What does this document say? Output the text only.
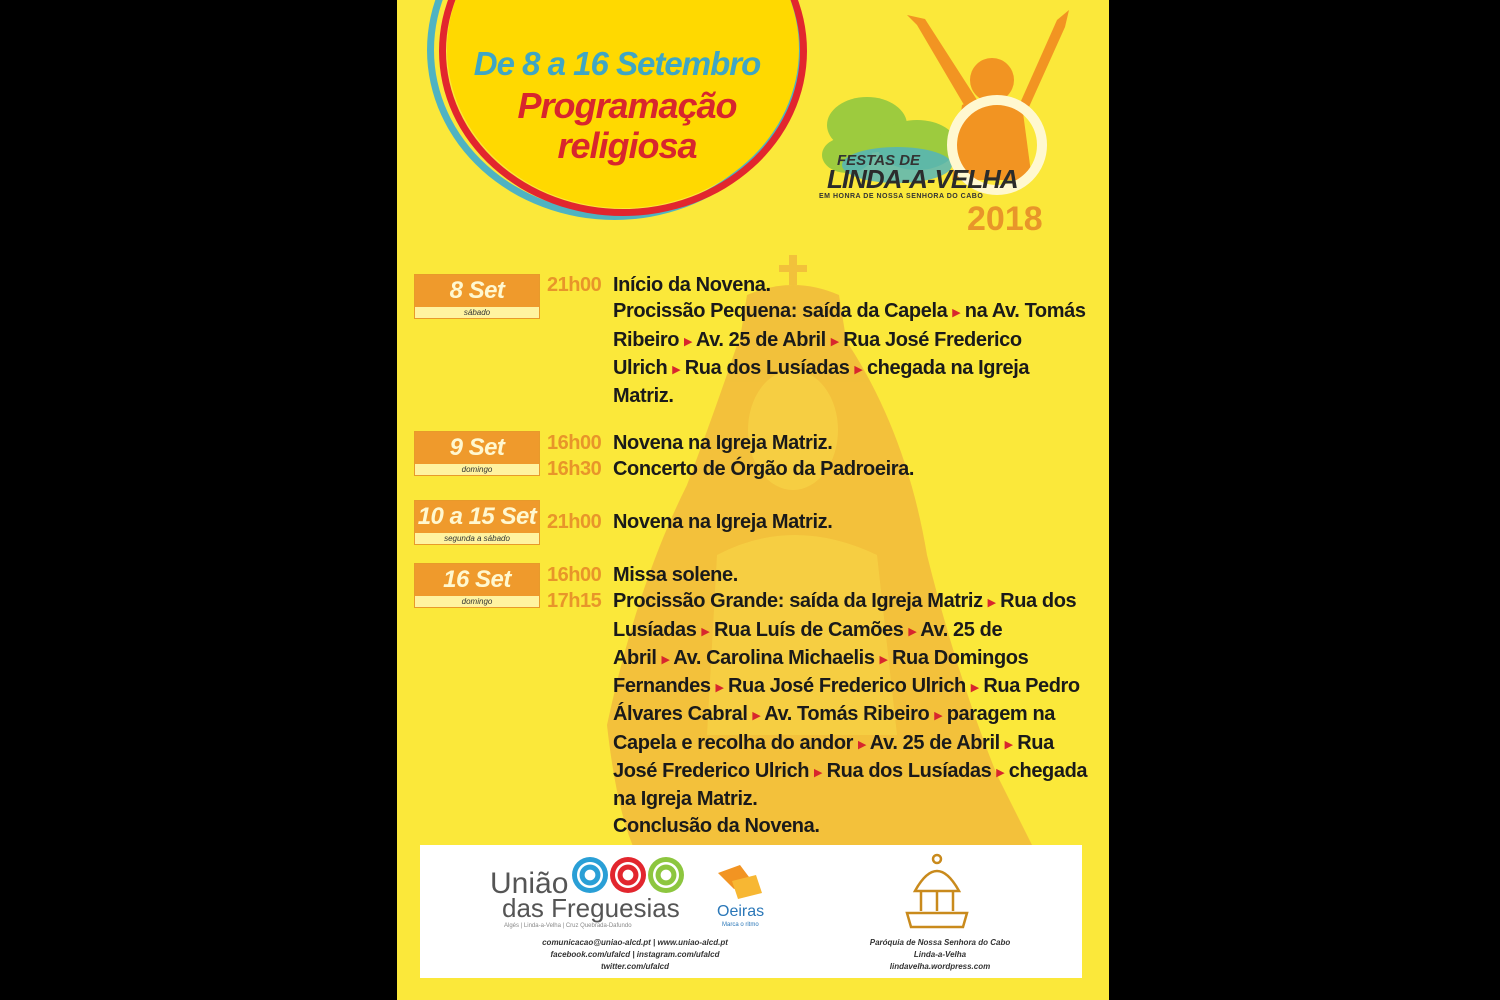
De 8 a 16 Setembro
Programação
religiosa	FESTAS DE
LINDA-A-VELHA
EM HONRA DE NOSSA SENHORA DO CABO
2018
8 Set
sábado
21h00 Início da Novena.
Procissão Pequena: saída da Capela ▸ na Av. Tomás
Ribeiro ▸ Av. 25 de Abril ▸ Rua José Frederico
Ulrich ▸ Rua dos Lusíadas ▸ chegada na Igreja
Matriz.
9 Set
domingo
16h00
16h30
Novena na Igreja Matriz.
Concerto de Órgão da Padroeira.
10 a 15 Set
segunda a sábado
21h00 Novena na Igreja Matriz.
16 Set
domingo
16h00
17h15
Missa solene.
Procissão Grande: saída da Igreja Matriz ▸ Rua dos
Lusíadas ▸ Rua Luís de Camões ▸ Av. 25 de
Abril ▸ Av. Carolina Michaelis ▸ Rua Domingos
Fernandes ▸ Rua José Frederico Ulrich ▸ Rua Pedro
Álvares Cabral ▸ Av. Tomás Ribeiro ▸ paragem na
Capela e recolha do andor ▸ Av. 25 de Abril ▸ Rua
José Frederico Ulrich ▸ Rua dos Lusíadas ▸ chegada
na Igreja Matriz.
Conclusão da Novena.
União
das Freguesias
Algés | Linda-a-Velha | Cruz Quebrada-Dafundo
comunicacao@uniao-alcd.pt | www.uniao-alcd.pt
facebook.com/ufalcd | instagram.com/ufalcd
twitter.com/ufalcd
Oeiras
Marca o ritmo
Paróquia de Nossa Senhora do Cabo
Linda-a-Velha
lindavelha.wordpress.com
